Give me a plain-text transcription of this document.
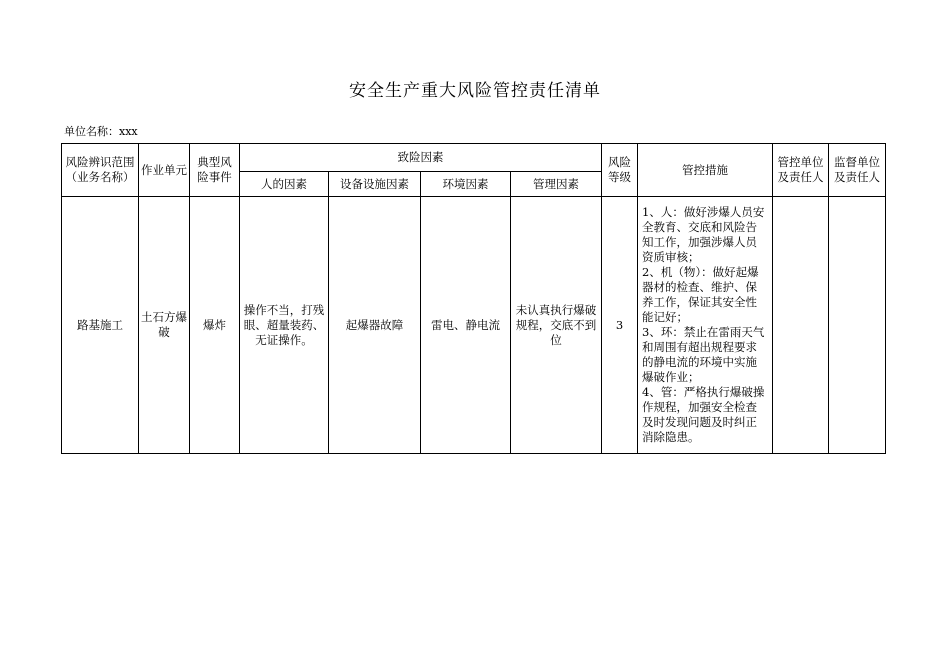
安全生产重大风险管控责任清单
单位名称：xxx
风险辨识范围 （业务名称）	作业单元	典型风险事件	致险因素				风险等级	管控措施	管控单位及责任人	监督单位及责任人
			人的因素	设备设施因素	环境因素	管理因素				
路基施工	土石方爆破	爆炸	操作不当，打残眼、超量装药、无证操作。	起爆器故障	雷电、静电流	未认真执行爆破规程，交底不到位	3	1、人：做好涉爆人员安全教育、交底和风险告知工作，加强涉爆人员资质审核；
2、机（物）：做好起爆器材的检查、维护、保养工作，保证其安全性能记好；
3、环：禁止在雷雨天气和周围有超出规程要求的静电流的环境中实施爆破作业；
4、管：严格执行爆破操作规程，加强安全检查及时发现问题及时纠正消除隐患。		
